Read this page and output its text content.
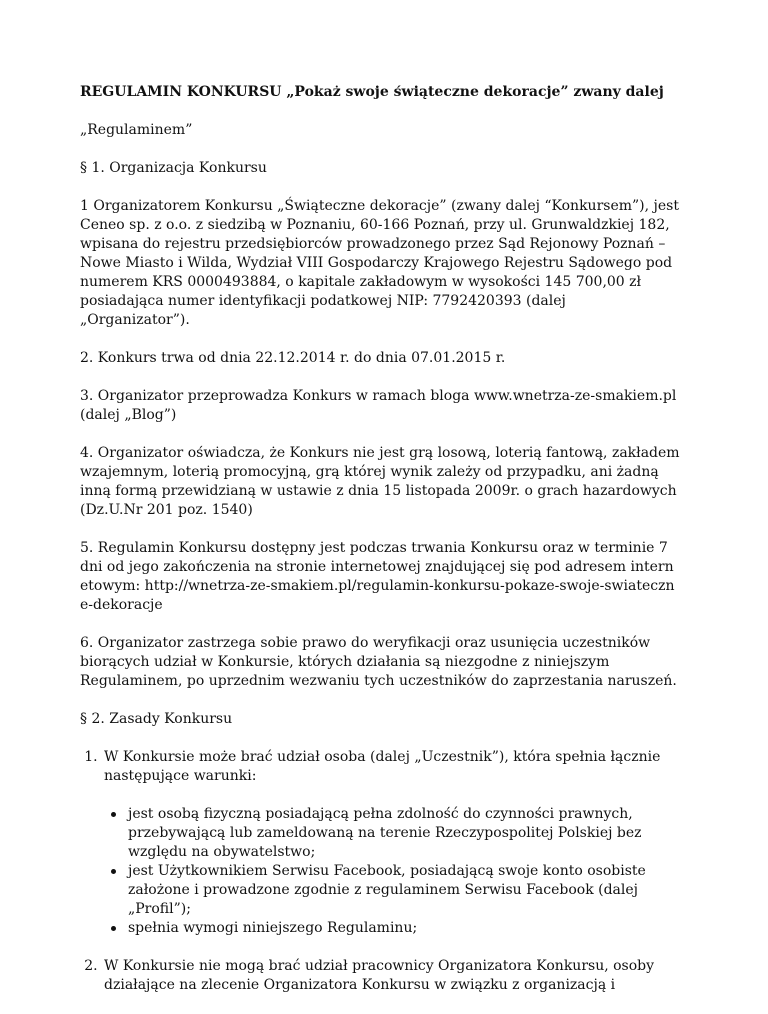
REGULAMIN KONKURSU „Pokaż swoje świąteczne dekoracje” zwany dalej

„Regulaminem”

§ 1. Organizacja Konkursu

1 Organizatorem Konkursu „Świąteczne dekoracje” (zwany dalej “Konkursem”), jest Ceneo sp. z o.o. z siedzibą w Poznaniu, 60-166 Poznań, przy ul. Grunwaldzkiej 182, wpisana do rejestru przedsiębiorców prowadzonego przez Sąd Rejonowy Poznań – Nowe Miasto i Wilda, Wydział VIII Gospodarczy Krajowego Rejestru Sądowego pod numerem KRS 0000493884, o kapitale zakładowym w wysokości 145 700,00 zł posiadająca numer identyfikacji podatkowej NIP: 7792420393 (dalej „Organizator”).

2. Konkurs trwa od dnia 22.12.2014 r. do dnia 07.01.2015 r.

3. Organizator przeprowadza Konkurs w ramach bloga www.wnetrza-ze-smakiem.pl (dalej „Blog”)

4. Organizator oświadcza, że Konkurs nie jest grą losową, loterią fantową, zakładem wzajemnym, loterią promocyjną, grą której wynik zależy od przypadku, ani żadną inną formą przewidzianą w ustawie z dnia 15 listopada 2009r. o grach hazardowych (Dz.U.Nr 201 poz. 1540)

5. Regulamin Konkursu dostępny jest podczas trwania Konkursu oraz w terminie 7 dni od jego zakończenia na stronie internetowej znajdującej się pod adresem internetowym: http://wnetrza-ze-smakiem.pl/regulamin-konkursu-pokaze-swoje-swiateczne-dekoracje

6. Organizator zastrzega sobie prawo do weryfikacji oraz usunięcia uczestników biorących udział w Konkursie, których działania są niezgodne z niniejszym Regulaminem, po uprzednim wezwaniu tych uczestników do zaprzestania naruszeń.

§ 2. Zasady Konkursu

1. W Konkursie może brać udział osoba (dalej „Uczestnik”), która spełnia łącznie następujące warunki:
jest osobą fizyczną posiadającą pełna zdolność do czynności prawnych, przebywającą lub zameldowaną na terenie Rzeczypospolitej Polskiej bez względu na obywatelstwo;
jest Użytkownikiem Serwisu Facebook, posiadającą swoje konto osobiste założone i prowadzone zgodnie z regulaminem Serwisu Facebook (dalej „Profil”);
spełnia wymogi niniejszego Regulaminu;
2. W Konkursie nie mogą brać udział pracownicy Organizatora Konkursu, osoby działające na zlecenie Organizatora Konkursu w związku z organizacją i
